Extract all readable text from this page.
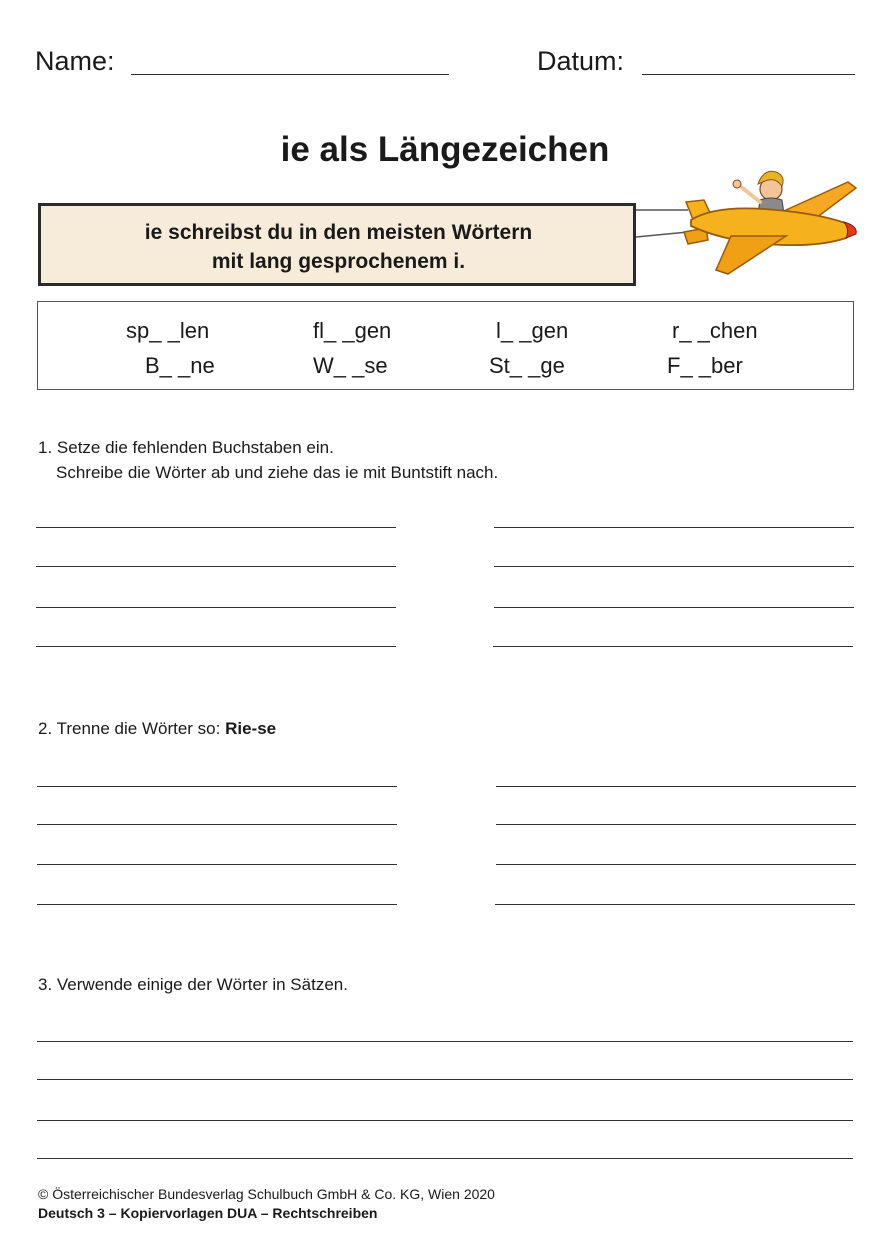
Name:	Datum:
ie als Längezeichen
ie schreibst du in den meisten Wörtern
mit lang gesprochenem i.
sp_ _len	fl_ _gen	l_ _gen	r_ _chen
B_ _ne	W_ _se	St_ _ge	F_ _ber
1. Setze die fehlenden Buchstaben ein.
Schreibe die Wörter ab und ziehe das ie mit Buntstift nach.
2. Trenne die Wörter so: Rie-se
3. Verwende einige der Wörter in Sätzen.
© Österreichischer Bundesverlag Schulbuch GmbH & Co. KG, Wien 2020
Deutsch 3 – Kopiervorlagen DUA – Rechtschreiben
